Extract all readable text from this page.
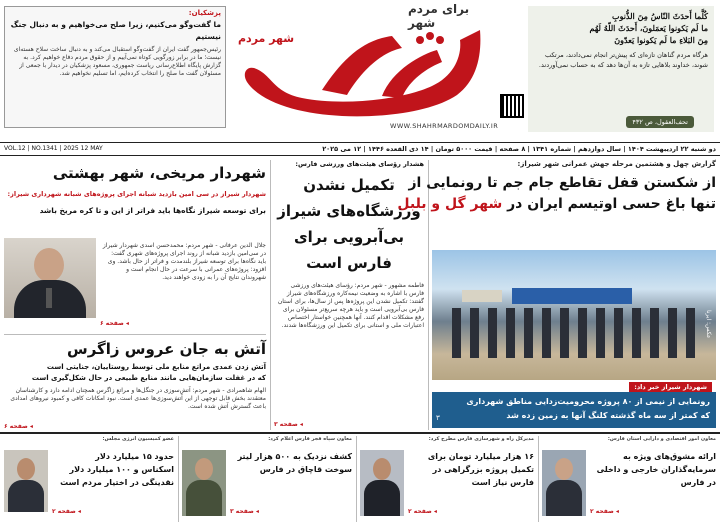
پزشکیان:
ما گفت‌وگو می‌کنیم، زیرا صلح می‌خواهیم و به دنبال جنگ نیستیم
رئیس‌جمهور گفت ایران از گفت‌وگو استقبال می‌کند و به دنبال ساخت سلاح هسته‌ای نیست؛ ما در برابر زورگویی کوتاه نمی‌آییم و از حقوق مردم دفاع خواهیم کرد. به گزارش پایگاه اطلاع‌رسانی ریاست جمهوری، مسعود پزشکیان در دیدار با جمعی از مسئولان گفت ما صلح را انتخاب کرده‌ایم، اما تسلیم نخواهیم شد.
شهر مردم
برای مردم شهر
WWW.SHAHRMARDOMDAILY.IR
كُلَّما أَحدَثَ النّاسُ مِنَ الذُّنوبِ
ما لَم يَكونوا يَعمَلونَ، أَحدَثَ اللّهُ لَهُم
مِنَ البَلاءِ ما لَم يَكونوا يَعدّونَ
هرگاه مردم گناهان تازه‌ای که پیش‌تر انجام نمی‌دادند، مرتکب شوند، خداوند بلاهایی تازه به آن‌ها دهد که به حساب نمی‌آوردند.
تحف‌العقول، ص ۴۳۲
دو شنبه ۲۲ اردیبهشت ۱۴۰۴ | سال دوازدهم | شماره ۱۳۴۱ | ۸ صفحه | قیمت ۵۰۰۰ تومان | ۱۴ ذی القعده ۱۴۴۶ | ۱۲ می ۲۰۲۵
VOL.12 | NO.1341 | 2025 12 MAY
گزارش چهل و هشتمین مرحله جهش عمرانی شهر شیراز:
از شکستن قفل تقاطع جام جم تا رونمایی از
تنها باغ حسی اوتیسم ایران در شهر گل و بلبل
عکس: ایرنا
شهردار شیراز خبر داد:
رونمایی از نیمی از ۸۰ پروژه محرومیت‌زدایی مناطق شهرداری
که کمتر از سه ماه گذشته کلنگ آنها به زمین زده شد
۳
هشدار رؤسای هیئت‌های ورزشی فارس:
تکمیل نشدن
ورزشگاه‌های شیراز
بی‌آبرویی برای
فارس است
فاطمه مشهور - شهر مردم: رؤسای هیئت‌های ورزشی فارس با اشاره به وضعیت نیمه‌کاره ورزشگاه‌های شیراز گفتند: تکمیل نشدن این پروژه‌ها پس از سال‌ها، برای استان فارس بی‌آبرویی است و باید هرچه سریع‌تر مسئولان برای رفع مشکلات اقدام کنند. آنها همچنین خواستار اختصاص اعتبارات ملی و استانی برای تکمیل این ورزشگاه‌ها شدند.
◂ صفحه ۳
شهردار مریخی، شهر بهشتی
شهردار شیراز در سی امین بازدید شبانه اجرای پروژه‌های شبانه شهرداری شیراز:
برای توسعه شیراز نگاه‌ها باید فراتر از این و تا کره مریخ باشد
جلال الدین عرفانی - شهر مردم: محمدحسن اسدی شهردار شیراز در سی‌امین بازدید شبانه از روند اجرای پروژه‌های شهری گفت: باید نگاه‌ها برای توسعه شیراز بلندمدت و فراتر از حال باشد. وی افزود: پروژه‌های عمرانی با سرعت در حال انجام است و شهروندان نتایج آن را به زودی خواهند دید.
◂ صفحه ۶
آتش به جان عروس زاگرس
آتش زدن عمدی مراتع منابع ملی توسط روستاییان، جنایتی است
که در غفلت سازمان‌هایی مانند منابع طبیعی در حال شکل‌گیری است
الهام شاهمرادی - شهر مردم: آتش‌سوزی در جنگل‌ها و مراتع زاگرس همچنان ادامه دارد و کارشناسان معتقدند بخش قابل توجهی از این آتش‌سوزی‌ها عمدی است. نبود امکانات کافی و کمبود نیروهای امدادی باعث گسترش آتش شده است.
◂ صفحه ۶
معاون امور اقتصادی و دارایی استان فارس:
ارائه مشوق‌های ویژه به سرمایه‌گذاران خارجی و داخلی در فارس
◂ صفحه ۲
مدیرکل راه و شهرسازی فارس مطرح کرد:
۱۶ هزار میلیارد تومان برای تکمیل پروژه بزرگراهی در فارس نیاز است
◂ صفحه ۲
معاون سپاه فجر فارس اعلام کرد:
کشف نزدیک به ۵۰۰ هزار لیتر سوخت قاچاق در فارس
◂ صفحه ۳
عضو کمیسیون انرژی مجلس:
حدود ۱۵ میلیارد دلار
اسکناس و ۱۰۰ میلیارد دلار
نقدینگی در اختیار مردم است
◂ صفحه ۲
